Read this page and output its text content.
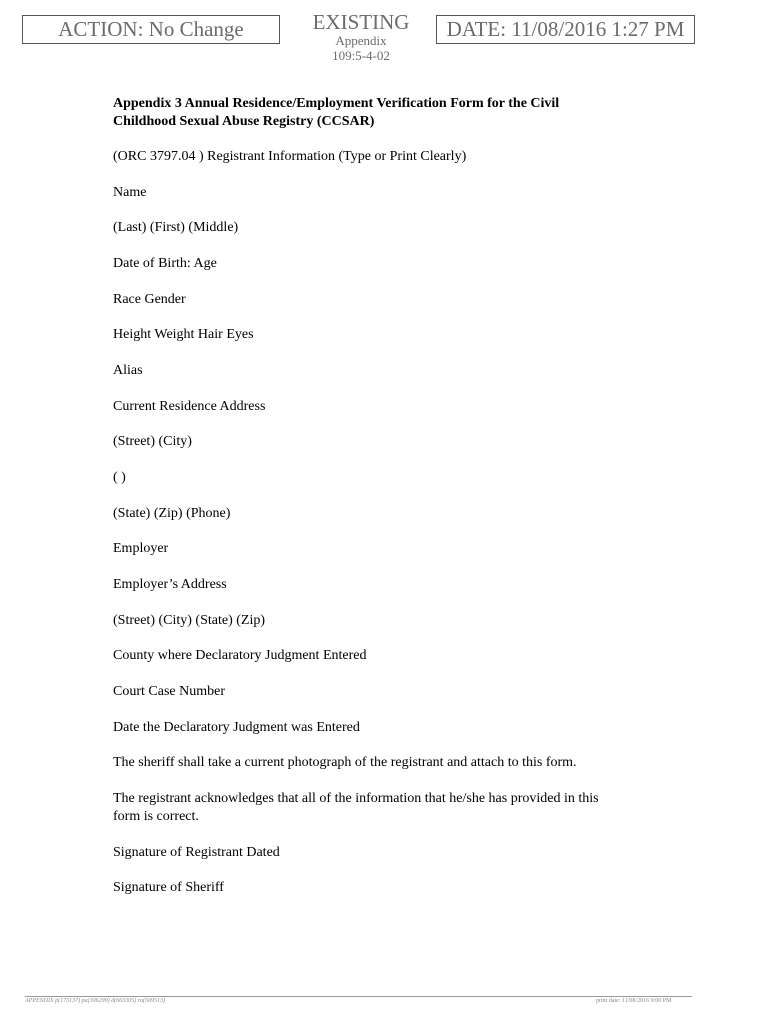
ACTION: No Change	EXISTING
Appendix
109:5-4-02
DATE: 11/08/2016 1:27 PM

Appendix 3 Annual Residence/Employment Verification Form for the Civil

Childhood Sexual Abuse Registry (CCSAR)

(ORC 3797.04 ) Registrant Information (Type or Print Clearly)

Name

(Last) (First) (Middle)

Date of Birth: Age

Race Gender

Height Weight Hair Eyes

Alias

Current Residence Address

(Street) (City)

( )

(State) (Zip) (Phone)

Employer

Employer’s Address

(Street) (City) (State) (Zip)

County where Declaratory Judgment Entered

Court Case Number

Date the Declaratory Judgment was Entered

The sheriff shall take a current photograph of the registrant and attach to this form.

The registrant acknowledges that all of the information that he/she has provided in this

form is correct.

Signature of Registrant Dated

Signature of Sheriff

APPENDIX p(173137) pa(306299) d(663305) ra(509513)	print date: 11/08/2016 9:00 PM
